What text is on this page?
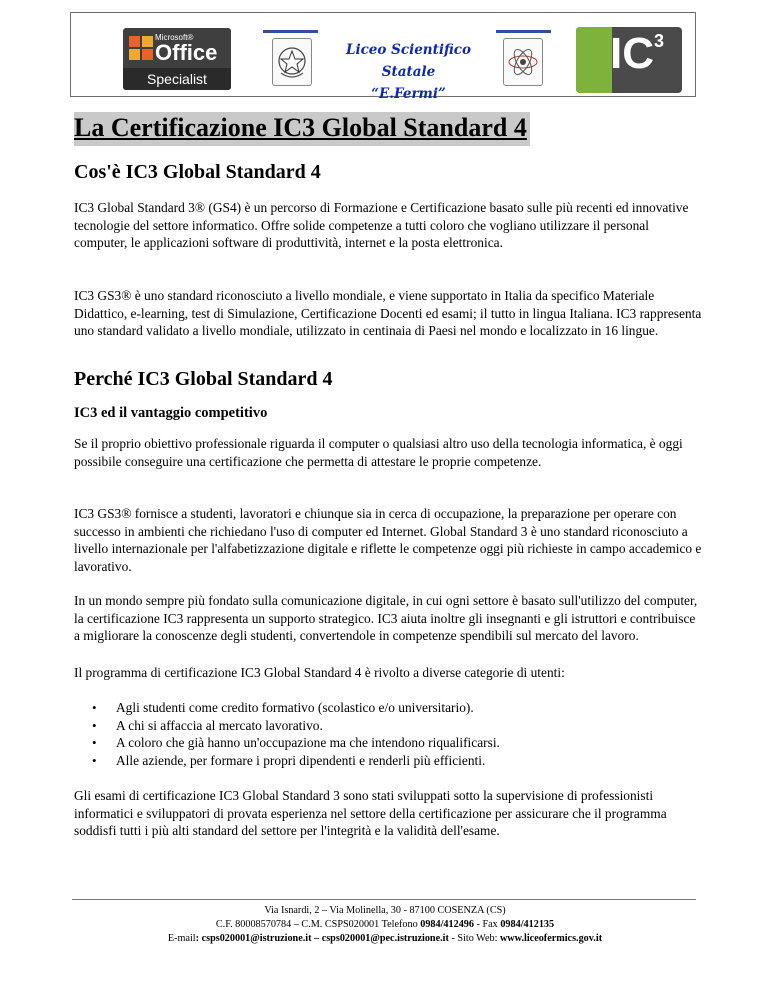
Microsoft®
Office
Specialist
Liceo Scientifico Statale
“E.Fermi”
$IC^3$
La Certificazione IC3 Global Standard 4
Cos'è IC3 Global Standard 4

IC3 Global Standard 3® (GS4) è un percorso di Formazione e Certificazione basato sulle più recenti ed innovative tecnologie del settore informatico. Offre solide competenze a tutti coloro che vogliano utilizzare il personal computer, le applicazioni software di produttività, internet e la posta elettronica.

IC3 GS3® è uno standard riconosciuto a livello mondiale, e viene supportato in Italia da specifico Materiale Didattico, e-learning, test di Simulazione, Certificazione Docenti ed esami; il tutto in lingua Italiana. IC3 rappresenta uno standard validato a livello mondiale, utilizzato in centinaia di Paesi nel mondo e localizzato in 16 lingue.

Perché IC3 Global Standard 4
IC3 ed il vantaggio competitivo

Se il proprio obiettivo professionale riguarda il computer o qualsiasi altro uso della tecnologia informatica, è oggi possibile conseguire una certificazione che permetta di attestare le proprie competenze.

IC3 GS3® fornisce a studenti, lavoratori e chiunque sia in cerca di occupazione, la preparazione per operare con successo in ambienti che richiedano l'uso di computer ed Internet. Global Standard 3 è uno standard riconosciuto a livello internazionale per l'alfabetizzazione digitale e riflette le competenze oggi più richieste in campo accademico e lavorativo.

In un mondo sempre più fondato sulla comunicazione digitale, in cui ogni settore è basato sull'utilizzo del computer, la certificazione IC3 rappresenta un supporto strategico. IC3 aiuta inoltre gli insegnanti e gli istruttori e contribuisce a migliorare la conoscenze degli studenti, convertendole in competenze spendibili sul mercato del lavoro.

Il programma di certificazione IC3 Global Standard 4 è rivolto a diverse categorie di utenti:

• Agli studenti come credito formativo (scolastico e/o universitario).
• A chi si affaccia al mercato lavorativo.
• A coloro che già hanno un'occupazione ma che intendono riqualificarsi.
• Alle aziende, per formare i propri dipendenti e renderli più efficienti.

Gli esami di certificazione IC3 Global Standard 3 sono stati sviluppati sotto la supervisione di professionisti informatici e sviluppatori di provata esperienza nel settore della certificazione per assicurare che il programma soddisfi tutti i più alti standard del settore per l'integrità e la validità dell'esame.

Via Isnardi, 2 – Via Molinella, 30 - 87100 COSENZA (CS)
C.F. 80008570784 – C.M. CSPS020001 Telefono 0984/412496 - Fax 0984/412135
E-mail: csps020001@istruzione.it – csps020001@pec.istruzione.it - Sito Web: www.liceofermics.gov.it
